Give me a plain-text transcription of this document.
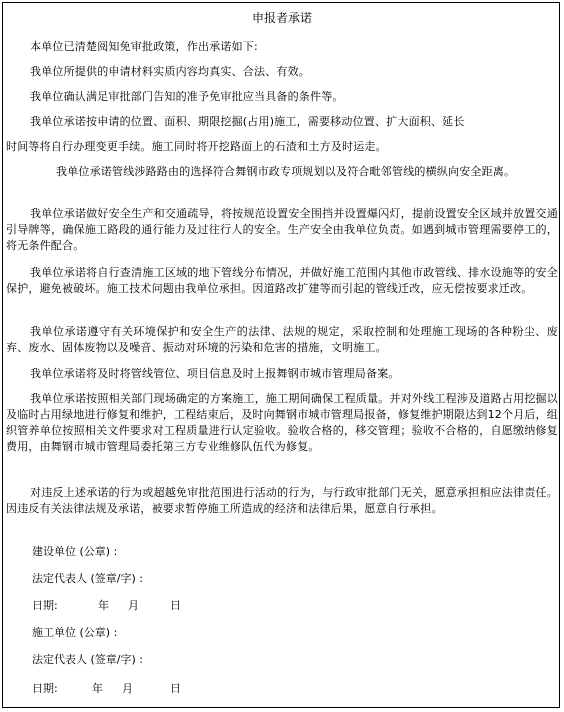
申报者承诺
本单位已清楚阅知免审批政策，作出承诺如下:
我单位所提供的申请材料实质内容均真实、合法、有效。
我单位确认满足审批部门告知的准予免审批应当具备的条件等。
我单位承诺按申请的位置、面积、期限挖掘(占用)施工，需要移动位置、扩大面积、延长
时间等将自行办理变更手续。施工同时将开挖路面上的石渣和土方及时运走。
我单位承诺管线涉路路由的选择符合舞钢市政专项规划以及符合毗邻管线的横纵向安全距离。
我单位承诺做好安全生产和交通疏导，将按规范设置安全围挡并设置爆闪灯，提前设置安全区域并放置交通引导牌等，确保施工路段的通行能力及过往行人的安全。生产安全由我单位负责。如遇到城市管理需要停工的，将无条件配合。
我单位承诺将自行查清施工区域的地下管线分布情况，并做好施工范围内其他市政管线、排水设施等的安全保护，避免被破坏。施工技术问题由我单位承担。因道路改扩建等而引起的管线迁改，应无偿按要求迁改。
我单位承诺遵守有关环境保护和安全生产的法律、法规的规定，采取控制和处理施工现场的各种粉尘、废弃、废水、固体废物以及噪音、振动对环境的污染和危害的措施，文明施工。
我单位承诺将及时将管线管位、项目信息及时上报舞钢市城市管理局备案。
我单位承诺按照相关部门现场确定的方案施工，施工期间确保工程质量。并对外线工程涉及道路占用挖掘以及临时占用绿地进行修复和维护，工程结束后，及时向舞钢市城市管理局报备，修复维护期限达到12个月后，组织管养单位按照相关文件要求对工程质量进行认定验收。验收合格的，移交管理；验收不合格的，自愿缴纳修复费用，由舞钢市城市管理局委托第三方专业维修队伍代为修复。
对违反上述承诺的行为或超越免审批范围进行活动的行为，与行政审批部门无关，愿意承担相应法律责任。因违反有关法律法规及承诺，被要求暂停施工所造成的经济和法律后果，愿意自行承担。
建设单位 (公章) :
法定代表人 (签章/字) :
日期:	年 月	日
施工单位 (公章) :
法定代表人 (签章/字) :
日期:	年 月	日
